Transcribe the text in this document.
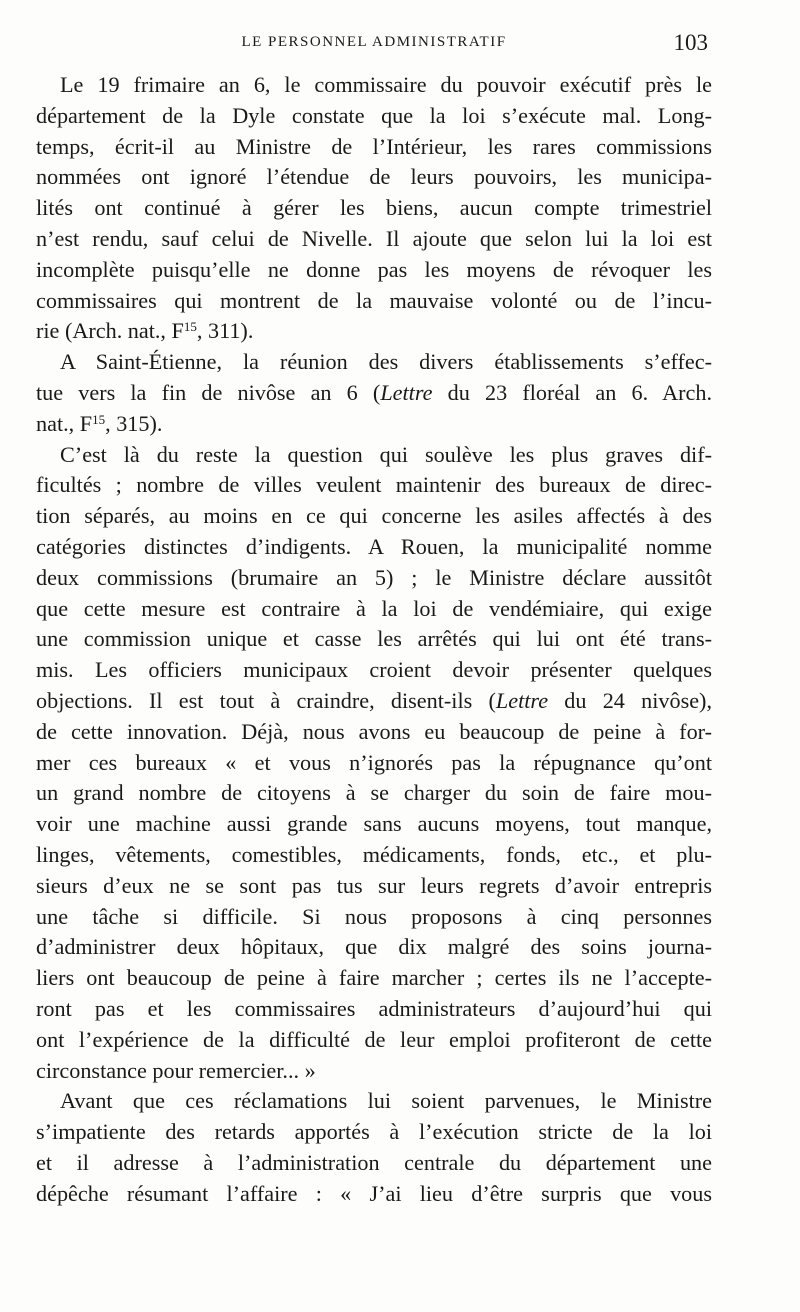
LE PERSONNEL ADMINISTRATIF	103
Le 19 frimaire an 6, le commissaire du pouvoir exécutif près le
département de la Dyle constate que la loi s’exécute mal. Long-
temps, écrit-il au Ministre de l’Intérieur, les rares commissions
nommées ont ignoré l’étendue de leurs pouvoirs, les municipa-
lités ont continué à gérer les biens, aucun compte trimestriel
n’est rendu, sauf celui de Nivelle. Il ajoute que selon lui la loi est
incomplète puisqu’elle ne donne pas les moyens de révoquer les
commissaires qui montrent de la mauvaise volonté ou de l’incu-
rie (Arch. nat., $F^{15}$, 311).
A Saint-Étienne, la réunion des divers établissements s’effec-
tue vers la fin de nivôse an 6 (Lettre du 23 floréal an 6. Arch.
nat., $F^{15}$, 315).
C’est là du reste la question qui soulève les plus graves dif-
ficultés ; nombre de villes veulent maintenir des bureaux de direc-
tion séparés, au moins en ce qui concerne les asiles affectés à des
catégories distinctes d’indigents. A Rouen, la municipalité nomme
deux commissions (brumaire an 5) ; le Ministre déclare aussitôt
que cette mesure est contraire à la loi de vendémiaire, qui exige
une commission unique et casse les arrêtés qui lui ont été trans-
mis. Les officiers municipaux croient devoir présenter quelques
objections. Il est tout à craindre, disent-ils (Lettre du 24 nivôse),
de cette innovation. Déjà, nous avons eu beaucoup de peine à for-
mer ces bureaux « et vous n’ignorés pas la répugnance qu’ont
un grand nombre de citoyens à se charger du soin de faire mou-
voir une machine aussi grande sans aucuns moyens, tout manque,
linges, vêtements, comestibles, médicaments, fonds, etc., et plu-
sieurs d’eux ne se sont pas tus sur leurs regrets d’avoir entrepris
une tâche si difficile. Si nous proposons à cinq personnes
d’administrer deux hôpitaux, que dix malgré des soins journa-
liers ont beaucoup de peine à faire marcher ; certes ils ne l’accepte-
ront pas et les commissaires administrateurs d’aujourd’hui qui
ont l’expérience de la difficulté de leur emploi profiteront de cette
circonstance pour remercier... »
Avant que ces réclamations lui soient parvenues, le Ministre
s’impatiente des retards apportés à l’exécution stricte de la loi
et il adresse à l’administration centrale du département une
dépêche résumant l’affaire : « J’ai lieu d’être surpris que vous
